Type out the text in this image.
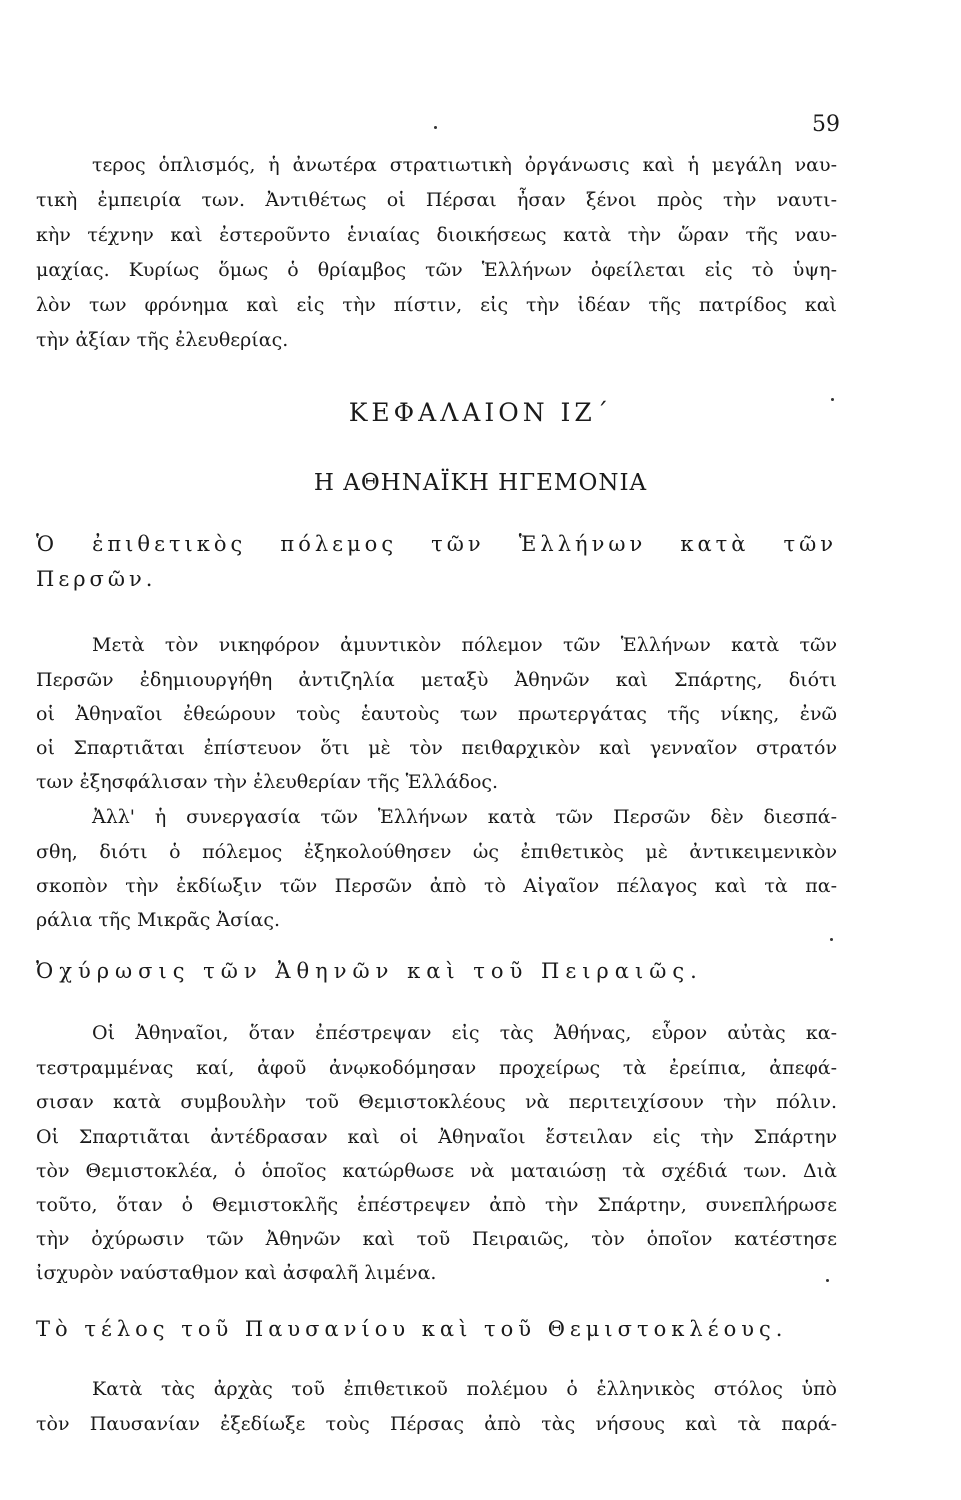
59
τερος ὁπλισμός, ἡ ἀνωτέρα στρατιωτικὴ ὀργάνωσις καὶ ἡ μεγάλη ναυ-
τικὴ ἐμπειρία των. Ἀντιθέτως οἱ Πέρσαι ἦσαν ξένοι πρὸς τὴν ναυτι-
κὴν τέχνην καὶ ἐστεροῦντο ἑνιαίας διοικήσεως κατὰ τὴν ὥραν τῆς ναυ-
μαχίας. Κυρίως ὅμως ὁ θρίαμβος τῶν Ἑλλήνων ὀφείλεται εἰς τὸ ὑψη-
λὸν των φρόνημα καὶ εἰς τὴν πίστιν, εἰς τὴν ἰδέαν τῆς πατρίδος καὶ
τὴν ἀξίαν τῆς ἐλευθερίας.
ΚΕΦΑΛΑΙΟΝ ΙΖ΄
Η ΑΘΗΝΑΪΚΗ ΗΓΕΜΟΝΙΑ
Ὁ ἐπιθετικὸς πόλεμος τῶν Ἑλλήνων κατὰ τῶν
Περσῶν.
Μετὰ τὸν νικηφόρον ἀμυντικὸν πόλεμον τῶν Ἑλλήνων κατὰ τῶν
Περσῶν ἐδημιουργήθη ἀντιζηλία μεταξὺ Ἀθηνῶν καὶ Σπάρτης, διότι
οἱ Ἀθηναῖοι ἐθεώρουν τοὺς ἑαυτοὺς των πρωτεργάτας τῆς νίκης, ἐνῶ
οἱ Σπαρτιᾶται ἐπίστευον ὅτι μὲ τὸν πειθαρχικὸν καὶ γενναῖον στρατόν
των ἐξησφάλισαν τὴν ἐλευθερίαν τῆς Ἑλλάδος.
Ἀλλ' ἡ συνεργασία τῶν Ἑλλήνων κατὰ τῶν Περσῶν δὲν διεσπά-
σθη, διότι ὁ πόλεμος ἐξηκολούθησεν ὡς ἐπιθετικὸς μὲ ἀντικειμενικὸν
σκοπὸν τὴν ἐκδίωξιν τῶν Περσῶν ἀπὸ τὸ Αἰγαῖον πέλαγος καὶ τὰ πα-
ράλια τῆς Μικρᾶς Ἀσίας.
Ὀχύρωσις τῶν Ἀθηνῶν καὶ τοῦ Πειραιῶς.
Οἱ Ἀθηναῖοι, ὅταν ἐπέστρεψαν εἰς τὰς Ἀθήνας, εὗρον αὐτὰς κα-
τεστραμμένας καί, ἀφοῦ ἀνῳκοδόμησαν προχείρως τὰ ἐρείπια, ἀπεφά-
σισαν κατὰ συμβουλὴν τοῦ Θεμιστοκλέους νὰ περιτειχίσουν τὴν πόλιν.
Οἱ Σπαρτιᾶται ἀντέδρασαν καὶ οἱ Ἀθηναῖοι ἔστειλαν εἰς τὴν Σπάρτην
τὸν Θεμιστοκλέα, ὁ ὁποῖος κατώρθωσε νὰ ματαιώσῃ τὰ σχέδιά των. Διὰ
τοῦτο, ὅταν ὁ Θεμιστοκλῆς ἐπέστρεψεν ἀπὸ τὴν Σπάρτην, συνεπλήρωσε
τὴν ὀχύρωσιν τῶν Ἀθηνῶν καὶ τοῦ Πειραιῶς, τὸν ὁποῖον κατέστησε
ἰσχυρὸν ναύσταθμον καὶ ἀσφαλῆ λιμένα.
Τὸ τέλος τοῦ Παυσανίου καὶ τοῦ Θεμιστοκλέους.
Κατὰ τὰς ἀρχὰς τοῦ ἐπιθετικοῦ πολέμου ὁ ἑλληνικὸς στόλος ὑπὸ
τὸν Παυσανίαν ἐξεδίωξε τοὺς Πέρσας ἀπὸ τὰς νήσους καὶ τὰ παρά-
